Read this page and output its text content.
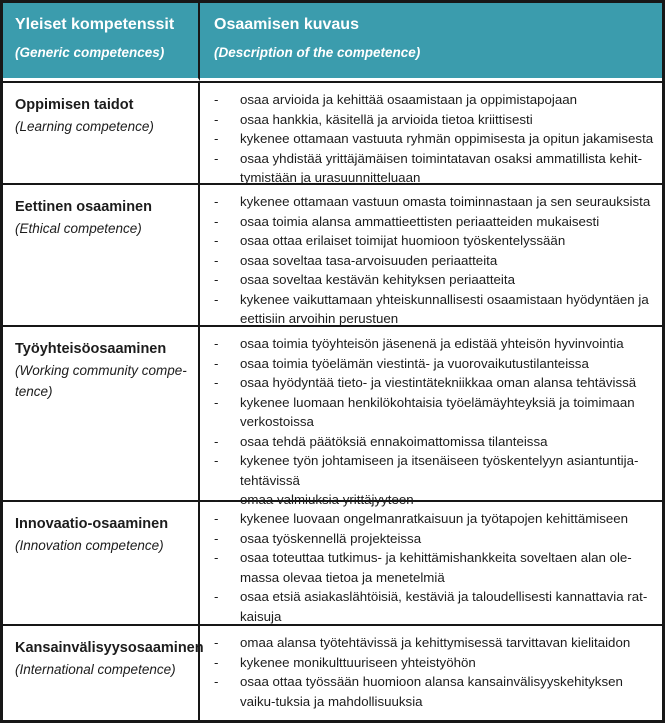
Yleiset kompetenssit
(Generic competences)
Osaamisen kuvaus
(Description of the competence)
Oppimisen taidot
(Learning competence)
- osaa arvioida ja kehittää osaamistaan ja oppimistapojaan
- osaa hankkia, käsitellä ja arvioida tietoa kriittisesti
- kykenee ottamaan vastuuta ryhmän oppimisesta ja opitun jakamisesta
- osaa yhdistää yrittäjämäisen toimintatavan osaksi ammatillista kehit-tymistään ja urasuunnitteluaan
Eettinen osaaminen
(Ethical competence)
- kykenee ottamaan vastuun omasta toiminnastaan ja sen seurauksista
- osaa toimia alansa ammattieettisten periaatteiden mukaisesti
- osaa ottaa erilaiset toimijat huomioon työskentelyssään
- osaa soveltaa tasa-arvoisuuden periaatteita
- osaa soveltaa kestävän kehityksen periaatteita
- kykenee vaikuttamaan yhteiskunnallisesti osaamistaan hyödyntäen ja eettisiin arvoihin perustuen
Työyhteisöosaaminen
(Working community compe-tence)
- osaa toimia työyhteisön jäsenenä ja edistää yhteisön hyvinvointia
- osaa toimia työelämän viestintä- ja vuorovaikutustilanteissa
- osaa hyödyntää tieto- ja viestintätekniikkaa oman alansa tehtävissä
- kykenee luomaan henkilökohtaisia työelämäyhteyksiä ja toimimaan verkostoissa
- osaa tehdä päätöksiä ennakoimattomissa tilanteissa
- kykenee työn johtamiseen ja itsenäiseen työskentelyyn asiantuntija-tehtävissä
- omaa valmiuksia yrittäjyyteen
Innovaatio-osaaminen
(Innovation competence)
- kykenee luovaan ongelmanratkaisuun ja työtapojen kehittämiseen
- osaa työskennellä projekteissa
- osaa toteuttaa tutkimus- ja kehittämishankkeita soveltaen alan ole-massa olevaa tietoa ja menetelmiä
- osaa etsiä asiakaslähtöisiä, kestäviä ja taloudellisesti kannattavia rat-kaisuja
Kansainvälisyysosaaminen
(International competence)
- omaa alansa työtehtävissä ja kehittymisessä tarvittavan kielitaidon
- kykenee monikulttuuriseen yhteistyöhön
- osaa ottaa työssään huomioon alansa kansainvälisyyskehityksen vaiku-tuksia ja mahdollisuuksia
